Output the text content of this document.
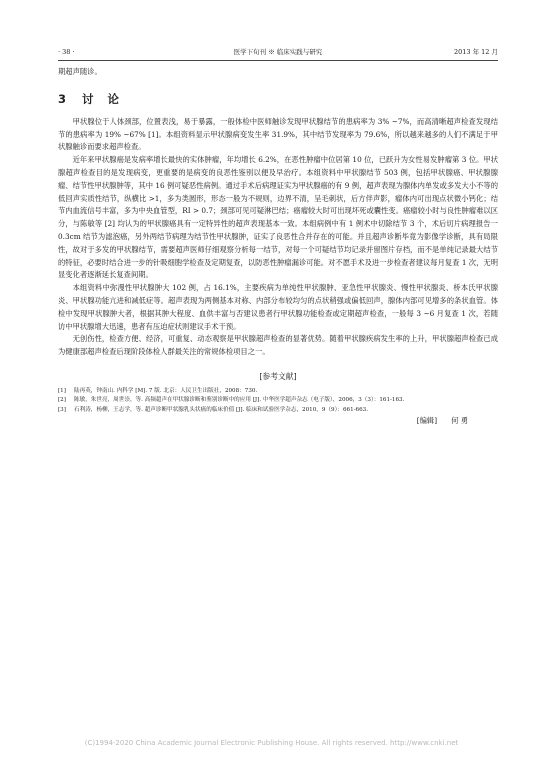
· 38 ·	医学下旬刊 ※ 临床实践与研究	2013 年 12 月

期超声随诊。

3 讨 论

甲状腺位于人体颈部，位置表浅，易于暴露，一般体检中医师触诊发现甲状腺结节的患病率为 3% ~7%，而高清晰超声检查发现结节的患病率为 19% ~67% [1]。本组资料显示甲状腺病变发生率 31.9%，其中结节发现率为 79.6%，所以越来越多的人们不满足于甲状腺触诊而要求超声检查。

近年来甲状腺癌是发病率增长最快的实体肿瘤，年均增长 6.2%，在恶性肿瘤中位居第 10 位，已跃升为女性易发肿瘤第 3 位。甲状腺超声检查目的是发现病变，更重要的是病变的良恶性鉴别以便及早治疗。本组资料中甲状腺结节 503 例，包括甲状腺癌、甲状腺腺瘤、结节性甲状腺肿等，其中 16 例可疑恶性病例。通过手术后病理证实为甲状腺癌的有 9 例，超声表现为腺体内单发或多发大小不等的低回声实质性结节，纵横比 >1，多为类圆形，形态一般为不规则，边界不清，呈毛刺状，后方伴声影，瘤体内可出现点状微小钙化；结节内血流信号丰富，多为中央血管型，RI > 0.7；颈部可见可疑淋巴结；癌瘤较大时可出现坏死或囊性变。癌瘤较小时与良性肿瘤难以区分，与陈敏等 [2] 均认为的甲状腺癌具有一定特异性的超声表现基本一致。本组病例中有 1 例术中切除结节 3 个，术后切片病理报告一 0.3cm 结节为滤泡癌，另外两结节病理为结节性甲状腺肿，证实了良恶性合并存在的可能。并且超声诊断毕竟为影像学诊断，具有局限性，故对于多发的甲状腺结节，需要超声医师仔细观察分析每一结节，对每一个可疑结节均记录并留图片存档，而不是单纯记录最大结节的特征，必要时结合进一步的针吸细胞学检查及定期复查，以防恶性肿瘤漏诊可能。对不愿手术及进一步检查者建议每月复查 1 次，无明显变化者逐渐延长复查间期。

本组资料中弥漫性甲状腺肿大 102 例，占 16.1%，主要疾病为单纯性甲状腺肿、亚急性甲状腺炎、慢性甲状腺炎、桥本氏甲状腺炎、甲状腺功能亢进和减低症等。超声表现为两侧基本对称、内部分布较均匀的点状稍强或偏低回声，腺体内部可见增多的条状血管。体检中发现甲状腺肿大者，根据其肿大程度、血供丰富与否建议患者行甲状腺功能检查或定期超声检查，一般每 3 ~6 月复查 1 次，若随访中甲状腺增大迅速，患者有压迫症状则建议手术干预。

无创伤性，检查方便、经济，可重复、动态观察是甲状腺超声检查的显著优势。随着甲状腺疾病发生率的上升，甲状腺超声检查已成为健康部超声检查后现阶段体检人群最关注的常规体检项目之一。

[参考文献]

[1] 陆再英，钟南山. 内科学 [M]. 7 版. 北京：人民卫生出版社，2008：730.

[2] 陈敏，朱世亮，周世崇，等. 高频超声在甲状腺诊断和鉴别诊断中的应用 [J]. 中华医学超声杂志（电子版），2006，3（3）：161-163.

[3] 石利涛，杨柳，王志学，等. 超声诊断甲状腺乳头状癌的临床价值 [J]. 临床和试验医学杂志，2010，9（9）：661-663.

[编辑] 何 勇

(C)1994-2020 China Academic Journal Electronic Publishing House. All rights reserved. http://www.cnki.net
